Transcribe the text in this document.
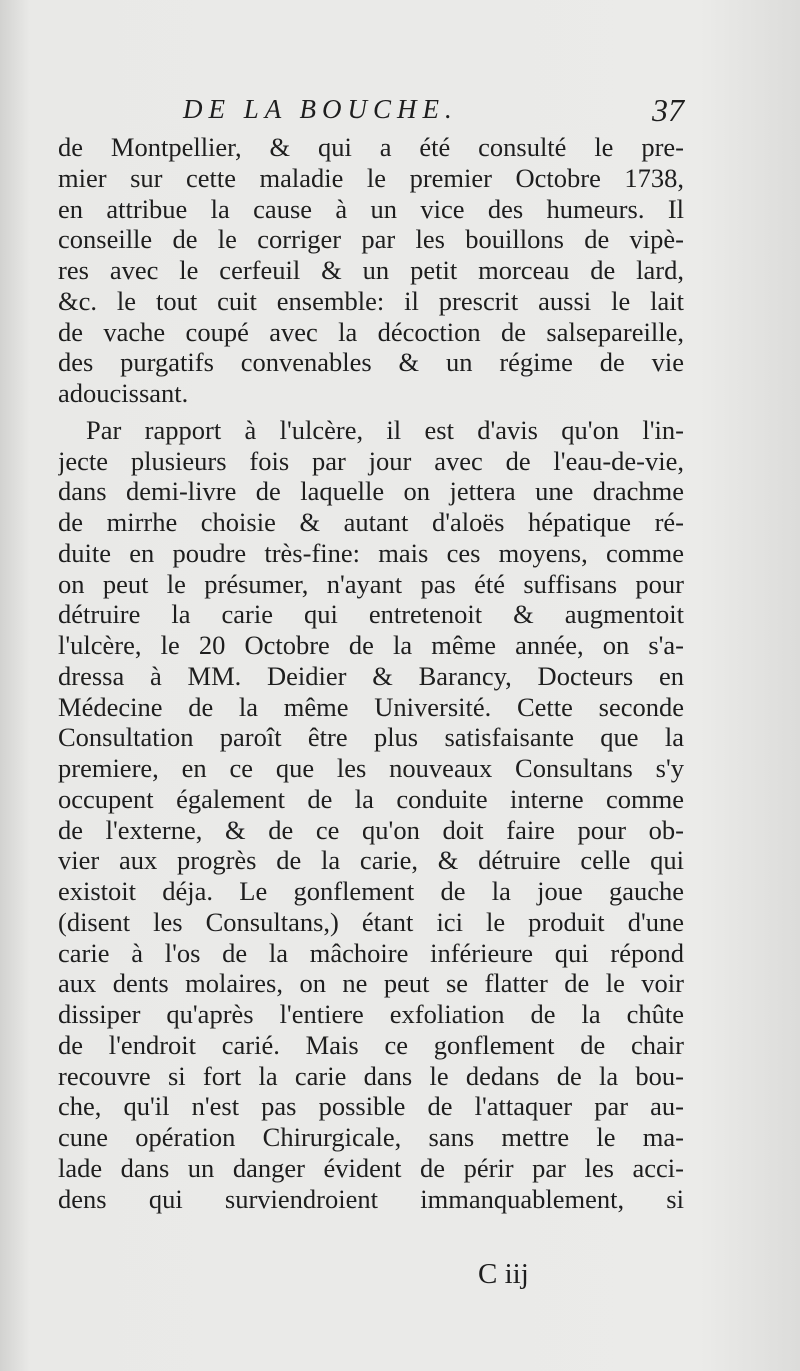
DE LA BOUCHE.	37
de Montpellier, & qui a été consulté le pre-
mier sur cette maladie le premier Octobre 1738,
en attribue la cause à un vice des humeurs. Il
conseille de le corriger par les bouillons de vipè-
res avec le cerfeuil & un petit morceau de lard,
&c. le tout cuit ensemble: il prescrit aussi le lait
de vache coupé avec la décoction de salsepareille,
des purgatifs convenables & un régime de vie
adoucissant.
Par rapport à l'ulcère, il est d'avis qu'on l'in-
jecte plusieurs fois par jour avec de l'eau-de-vie,
dans demi-livre de laquelle on jettera une drachme
de mirrhe choisie & autant d'aloës hépatique ré-
duite en poudre très-fine: mais ces moyens, comme
on peut le présumer, n'ayant pas été suffisans pour
détruire la carie qui entretenoit & augmentoit
l'ulcère, le 20 Octobre de la même année, on s'a-
dressa à MM. Deidier & Barancy, Docteurs en
Médecine de la même Université. Cette seconde
Consultation paroît être plus satisfaisante que la
premiere, en ce que les nouveaux Consultans s'y
occupent également de la conduite interne comme
de l'externe, & de ce qu'on doit faire pour ob-
vier aux progrès de la carie, & détruire celle qui
existoit déja. Le gonflement de la joue gauche
(disent les Consultans,) étant ici le produit d'une
carie à l'os de la mâchoire inférieure qui répond
aux dents molaires, on ne peut se flatter de le voir
dissiper qu'après l'entiere exfoliation de la chûte
de l'endroit carié. Mais ce gonflement de chair
recouvre si fort la carie dans le dedans de la bou-
che, qu'il n'est pas possible de l'attaquer par au-
cune opération Chirurgicale, sans mettre le ma-
lade dans un danger évident de périr par les acci-
dens qui surviendroient immanquablement, si
C iij
